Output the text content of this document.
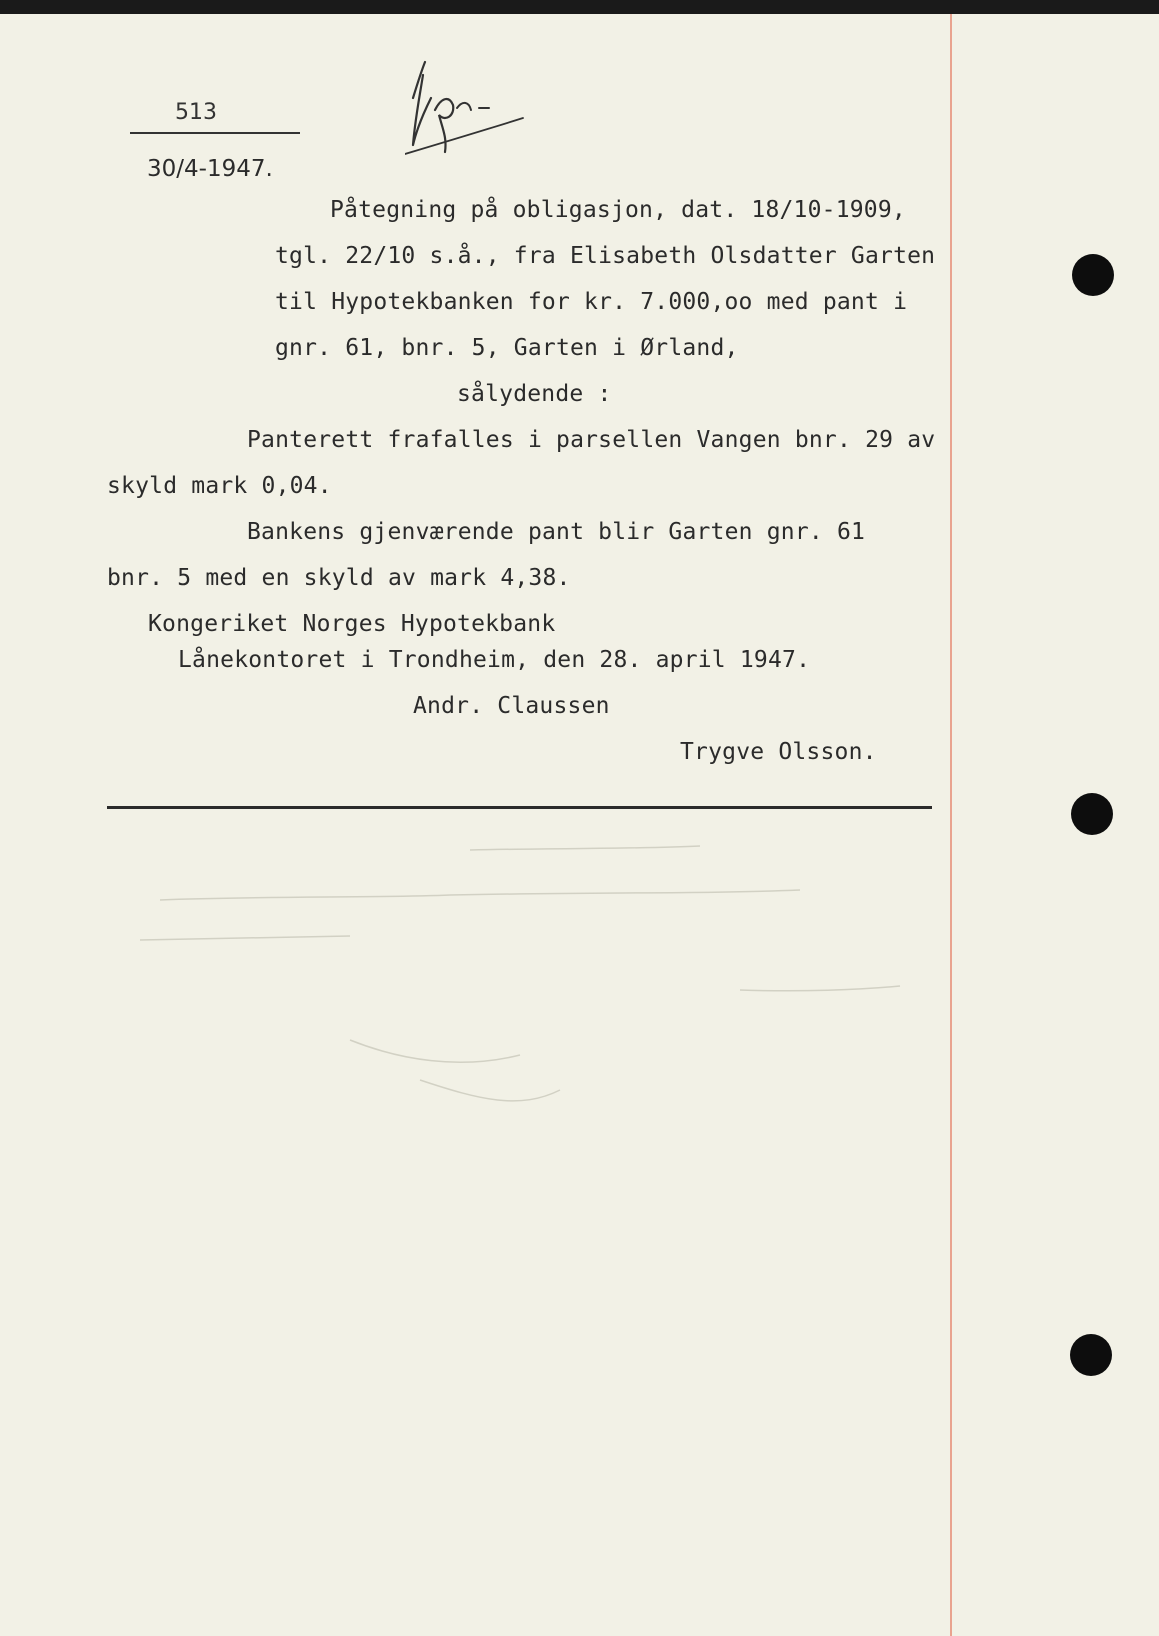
513
30/4-1947.
Påtegning på obligasjon, dat. 18/10-1909,
tgl. 22/10 s.å., fra Elisabeth Olsdatter Garten
til Hypotekbanken for kr. 7.000,oo med pant i
gnr. 61, bnr. 5, Garten i Ørland,
sålydende :
Panterett frafalles i parsellen Vangen bnr. 29 av
skyld mark 0,04.
Bankens gjenværende pant blir Garten gnr. 61
bnr. 5 med en skyld av mark 4,38.
Kongeriket Norges Hypotekbank
Lånekontoret i Trondheim, den 28. april 1947.
Andr. Claussen
Trygve Olsson.
